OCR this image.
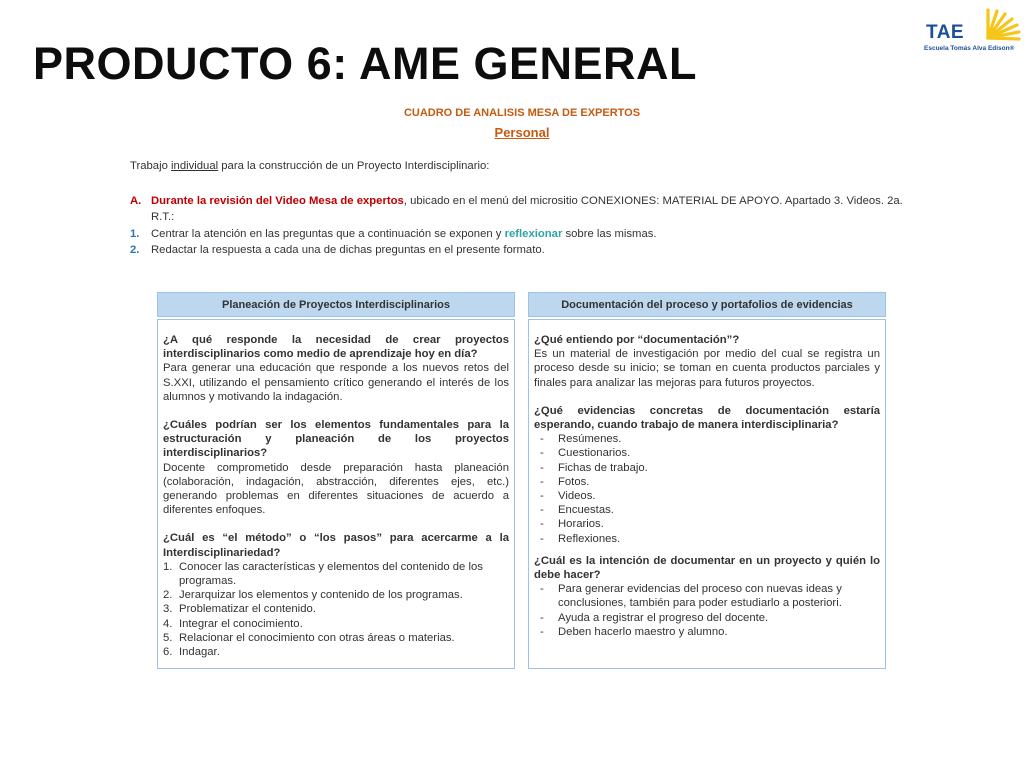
PRODUCTO 6: AME GENERAL
TAE
Escuela Tomás Alva Edison®
CUADRO DE ANALISIS MESA DE EXPERTOS
Personal
Trabajo individual para la construcción de un Proyecto Interdisciplinario:
A. Durante la revisión del Video Mesa de expertos, ubicado en el menú del micrositio CONEXIONES: MATERIAL DE APOYO. Apartado 3. Videos. 2a. R.T.:
1. Centrar la atención en las preguntas que a continuación se exponen y reflexionar sobre las mismas.
2. Redactar la respuesta a cada una de dichas preguntas en el presente formato.
Planeación de Proyectos Interdisciplinarios	Documentación del proceso y portafolios de evidencias

¿A qué responde la necesidad de crear proyectos interdisciplinarios como medio de aprendizaje hoy en día?

Para generar una educación que responde a los nuevos retos del S.XXI, utilizando el pensamiento crítico generando el interés de los alumnos y motivando la indagación.

¿Cuáles podrían ser los elementos fundamentales para la estructuración y planeación de los proyectos interdisciplinarios?

Docente comprometido desde preparación hasta planeación (colaboración, indagación, abstracción, diferentes ejes, etc.) generando problemas en diferentes situaciones de acuerdo a diferentes enfoques.

¿Cuál es “el método” o “los pasos” para acercarme a la Interdisciplinariedad?

1. Conocer las características y elementos del contenido de los programas.
2. Jerarquizar los elementos y contenido de los programas.
3. Problematizar el contenido.
4. Integrar el conocimiento.
5. Relacionar el conocimiento con otras áreas o materias.
6. Indagar.

¿Qué entiendo por “documentación”?

Es un material de investigación por medio del cual se registra un proceso desde su inicio; se toman en cuenta productos parciales y finales para analizar las mejoras para futuros proyectos.

¿Qué evidencias concretas de documentación estaría esperando, cuando trabajo de manera interdisciplinaria?

- Resúmenes.
- Cuestionarios.
- Fichas de trabajo.
- Fotos.
- Videos.
- Encuestas.
- Horarios.
- Reflexiones.

¿Cuál es la intención de documentar en un proyecto y quién lo debe hacer?

- Para generar evidencias del proceso con nuevas ideas y conclusiones, también para poder estudiarlo a posteriori.
- Ayuda a registrar el progreso del docente.
- Deben hacerlo maestro y alumno.
